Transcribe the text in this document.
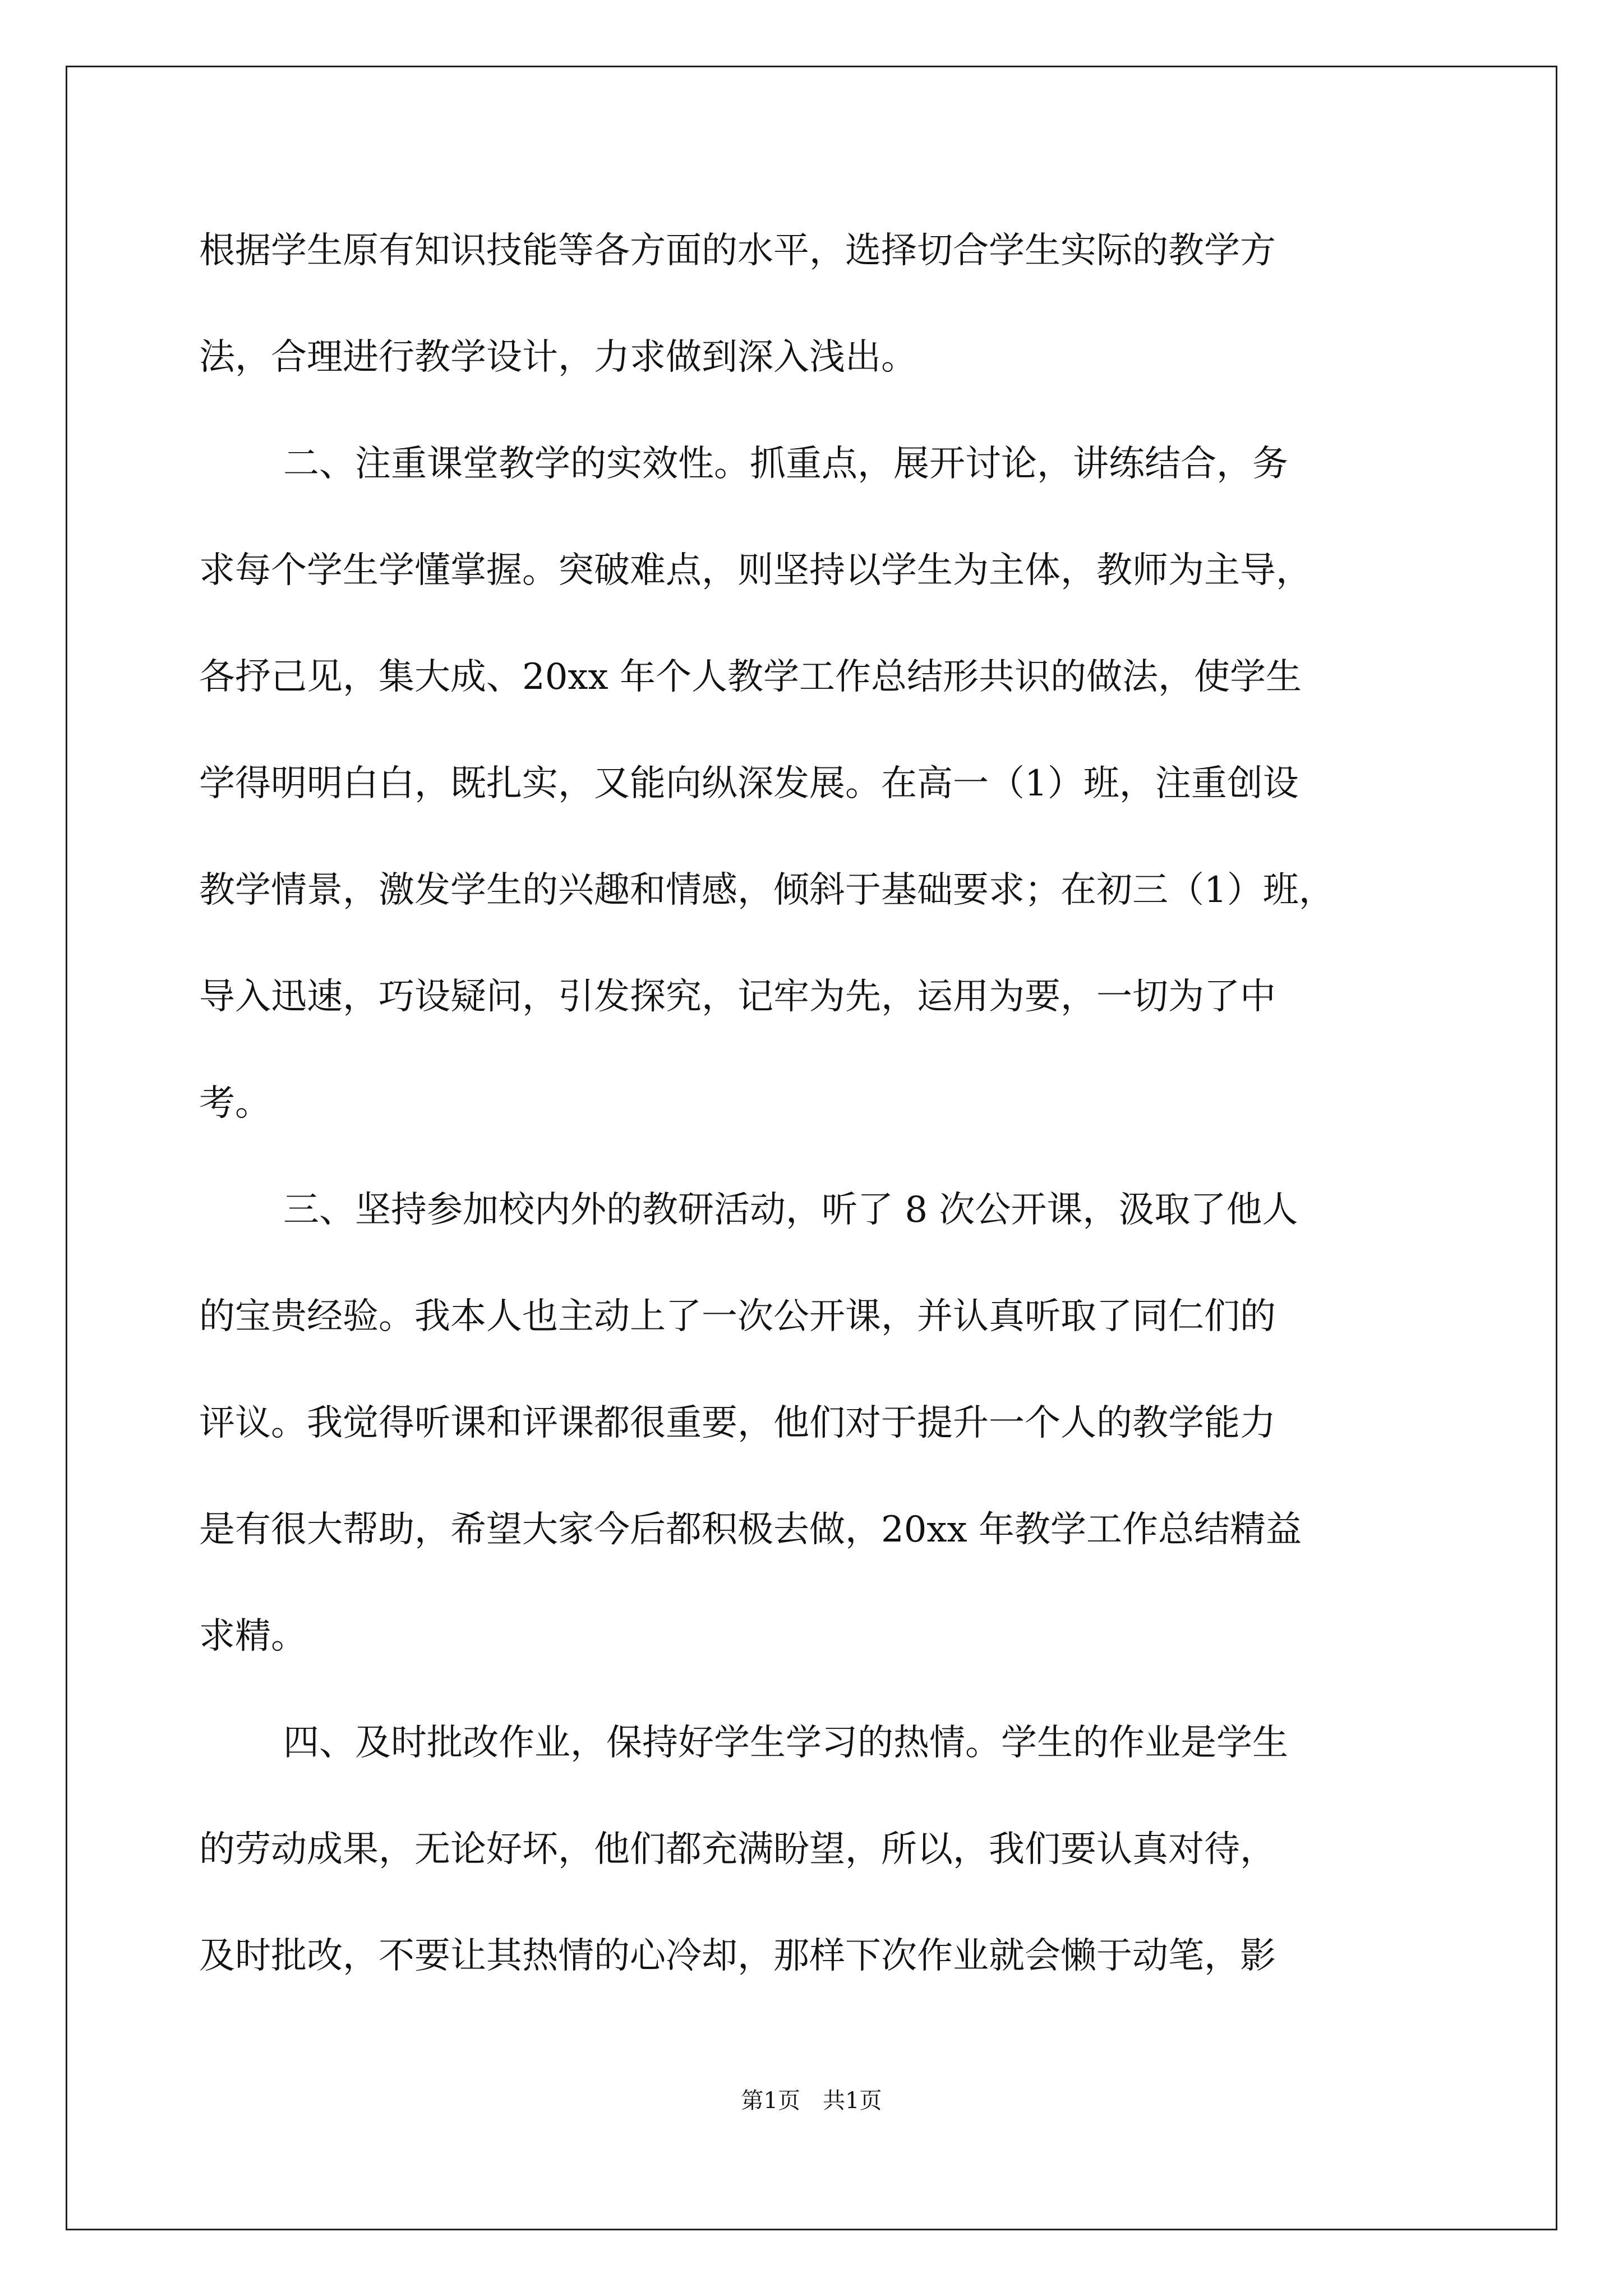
根据学生原有知识技能等各方面的水平，选择切合学生实际的教学方
法，合理进行教学设计，力求做到深入浅出。
二、注重课堂教学的实效性。抓重点，展开讨论，讲练结合，务
求每个学生学懂掌握。突破难点，则坚持以学生为主体，教师为主导，
各抒己见，集大成、20xx 年个人教学工作总结形共识的做法，使学生
学得明明白白，既扎实，又能向纵深发展。在高一（1）班，注重创设
教学情景，激发学生的兴趣和情感，倾斜于基础要求；在初三（1）班，
导入迅速，巧设疑问，引发探究，记牢为先，运用为要，一切为了中
考。
三、坚持参加校内外的教研活动，听了 8 次公开课，汲取了他人
的宝贵经验。我本人也主动上了一次公开课，并认真听取了同仁们的
评议。我觉得听课和评课都很重要，他们对于提升一个人的教学能力
是有很大帮助，希望大家今后都积极去做，20xx 年教学工作总结精益
求精。
四、及时批改作业，保持好学生学习的热情。学生的作业是学生
的劳动成果，无论好坏，他们都充满盼望，所以，我们要认真对待，
及时批改，不要让其热情的心冷却，那样下次作业就会懒于动笔，影
第1页　共1页
